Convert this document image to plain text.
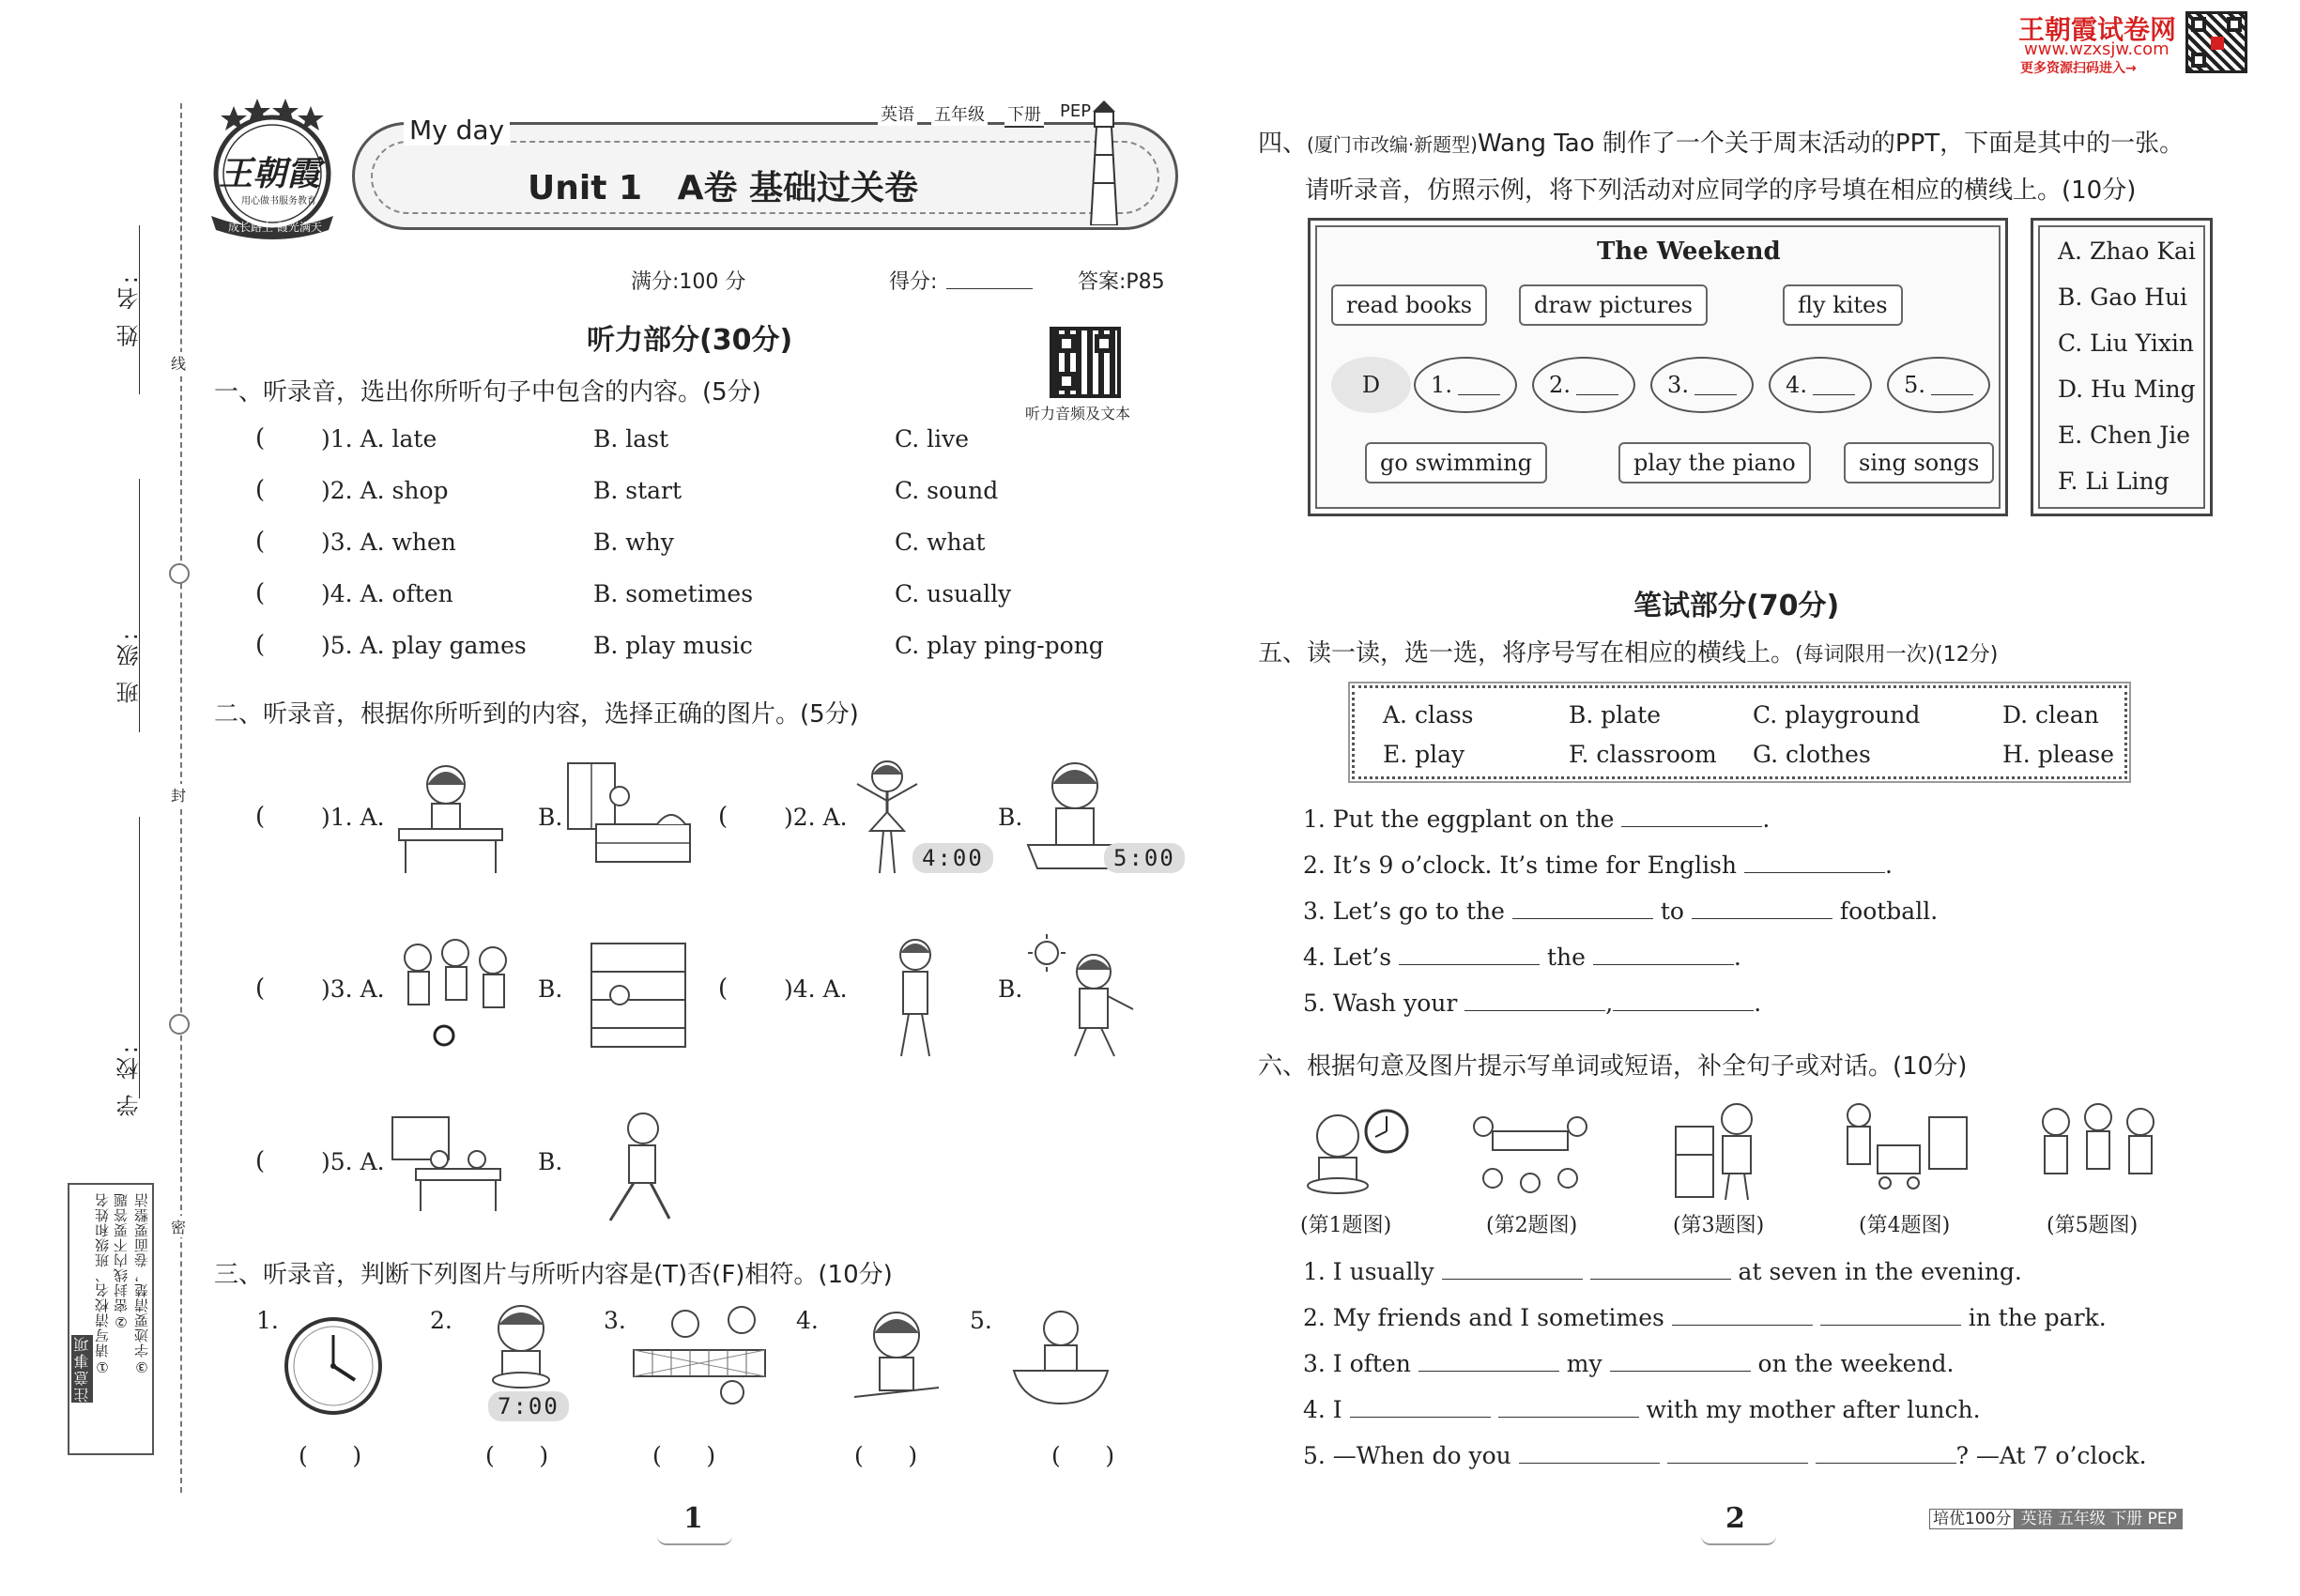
姓 名:
班 级:
学 校:
线
封
密
注意事项 ①请写清校名、班级和姓名 ②密封线内不要答题 ③字迹要清楚，卷面要整洁
王朝霞
用心做书 服务教育
成长路上 霞光满天
My day
Unit 1   A卷 基础过关卷
英语 五年级 下册 PEP
满分:100 分	得分:	答案:P85
听力音频及文本
王朝霞试卷网
www.wzxsjw.com
更多资源扫码进入→
听力部分(30分)
一、听录音，选出你所听句子中包含的内容。(5分)
( )1. A. late	B. last	C. live
( )2. A. shop	B. start	C. sound
( )3. A. when	B. why	C. what
( )4. A. often	B. sometimes	C. usually
( )5. A. play games	B. play music	C. play ping-pong
二、听录音，根据你所听到的内容，选择正确的图片。(5分)
( )1. A.	B.	( )2. A.
4:00
B.
5:00
( )3. A.	B.	( )4. A.	B.
( )5. A.	B.
三、听录音，判断下列图片与所听内容是(T)否(F)相符。(10分)
1.	2.
7:00
3.	4.	5.
(      )	(      )	(      )	(      )	(      )
1
四、(厦门市改编·新题型)Wang Tao 制作了一个关于周末活动的PPT，下面是其中的一张。
请听录音，仿照示例，将下列活动对应同学的序号填在相应的横线上。(10分)
The Weekend
read books	draw pictures	fly kites
D	1.	2.	3.	4.	5.
go swimming	play the piano	sing songs
A. Zhao Kai
B. Gao Hui
C. Liu Yixin
D. Hu Ming
E. Chen Jie
F. Li Ling
笔试部分(70分)
五、读一读，选一选，将序号写在相应的横线上。(每词限用一次)(12分)
A. class	B. plate	C. playground	D. clean
E. play	F. classroom G. clothes	H. please
1. Put the eggplant on the	.
2. It’s 9 o’clock. It’s time for English	.
3. Let’s go to the	to	football.
4. Let’s	the	.
5. Wash your	,	.
六、根据句意及图片提示写单词或短语，补全句子或对话。(10分)
(第1题图)	(第2题图)	(第3题图)	(第4题图)	(第5题图)
1. I usually	at seven in the evening.
2. My friends and I sometimes	in the park.
3. I often	my	on the weekend.
4. I	with my mother after lunch.
5. —When do you	? —At 7 o’clock.
2	培优100分 英语 五年级 下册 PEP
